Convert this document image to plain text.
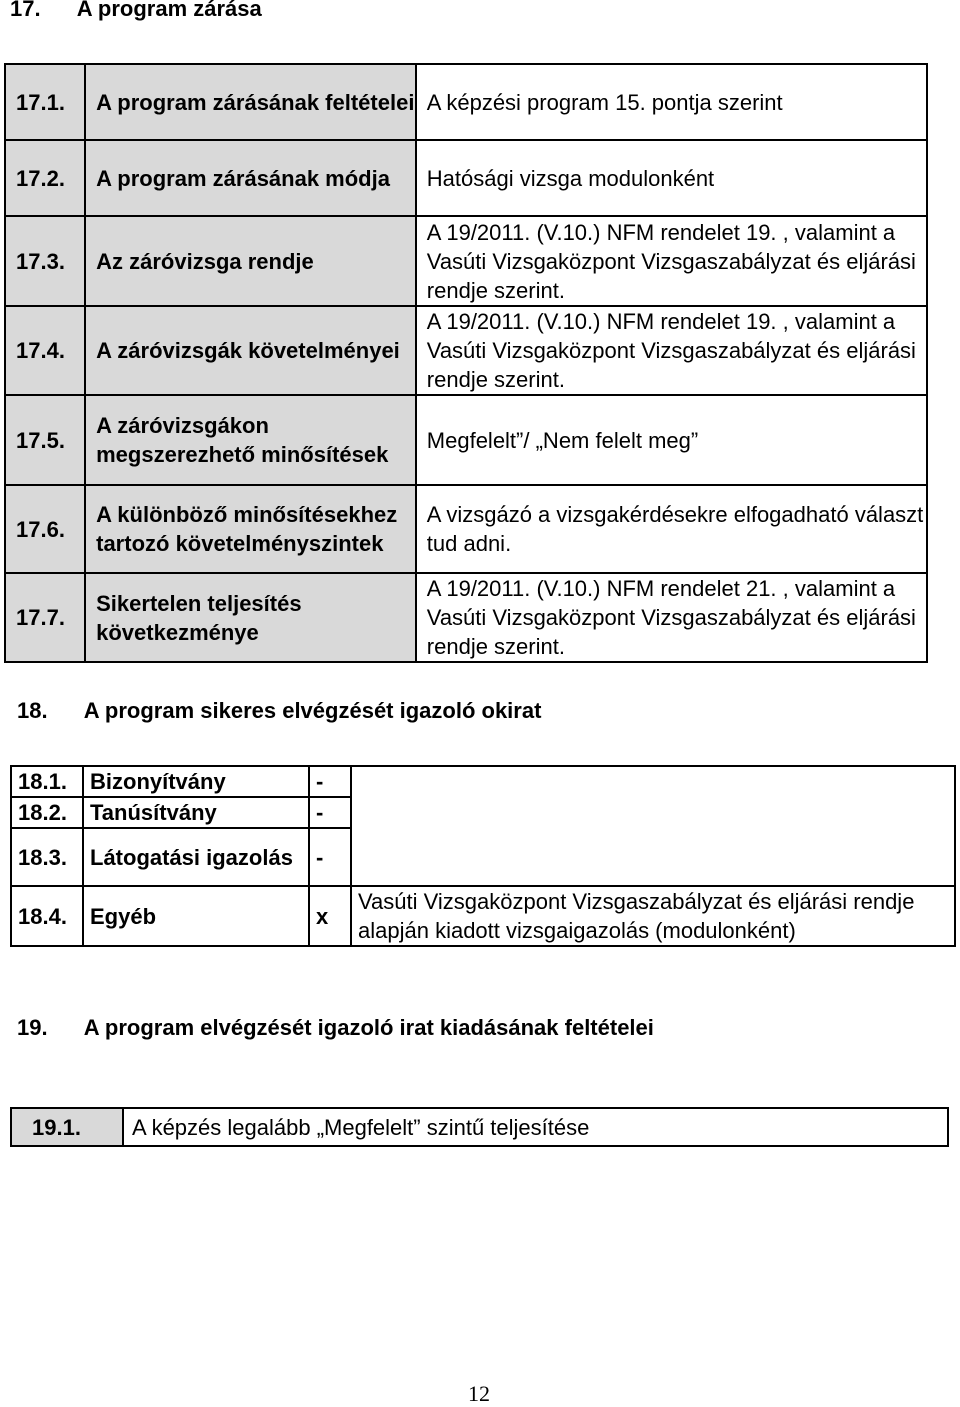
17. A program zárása
17.1.	A program zárásának feltételei	A képzési program 15. pontja szerint
17.2.	A program zárásának módja	Hatósági vizsga modulonként
17.3.	Az záróvizsga rendje	A 19/2011. (V.10.) NFM rendelet 19. , valamint a Vasúti Vizsgaközpont Vizsgaszabályzat és eljárási rendje szerint.
17.4.	A záróvizsgák követelményei	A 19/2011. (V.10.) NFM rendelet 19. , valamint a Vasúti Vizsgaközpont Vizsgaszabályzat és eljárási rendje szerint.
17.5.	A záróvizsgákon megszerezhető minősítések	Megfelelt”/ „Nem felelt meg”
17.6.	A különböző minősítésekhez tartozó követelményszintek	A vizsgázó a vizsgakérdésekre elfogadható választ tud adni.
17.7.	Sikertelen teljesítés következménye	A 19/2011. (V.10.) NFM rendelet 21. , valamint a Vasúti Vizsgaközpont Vizsgaszabályzat és eljárási rendje szerint.
18. A program sikeres elvégzését igazoló okirat
18.1.	Bizonyítvány	-	
18.2.	Tanúsítvány	-	
18.3.	Látogatási igazolás	-	
18.4.	Egyéb	x	Vasúti Vizsgaközpont Vizsgaszabályzat és eljárási rendje alapján kiadott vizsgaigazolás (modulonként)
19. A program elvégzését igazoló irat kiadásának feltételei
19.1.	A képzés legalább „Megfelelt” szintű teljesítése
12
